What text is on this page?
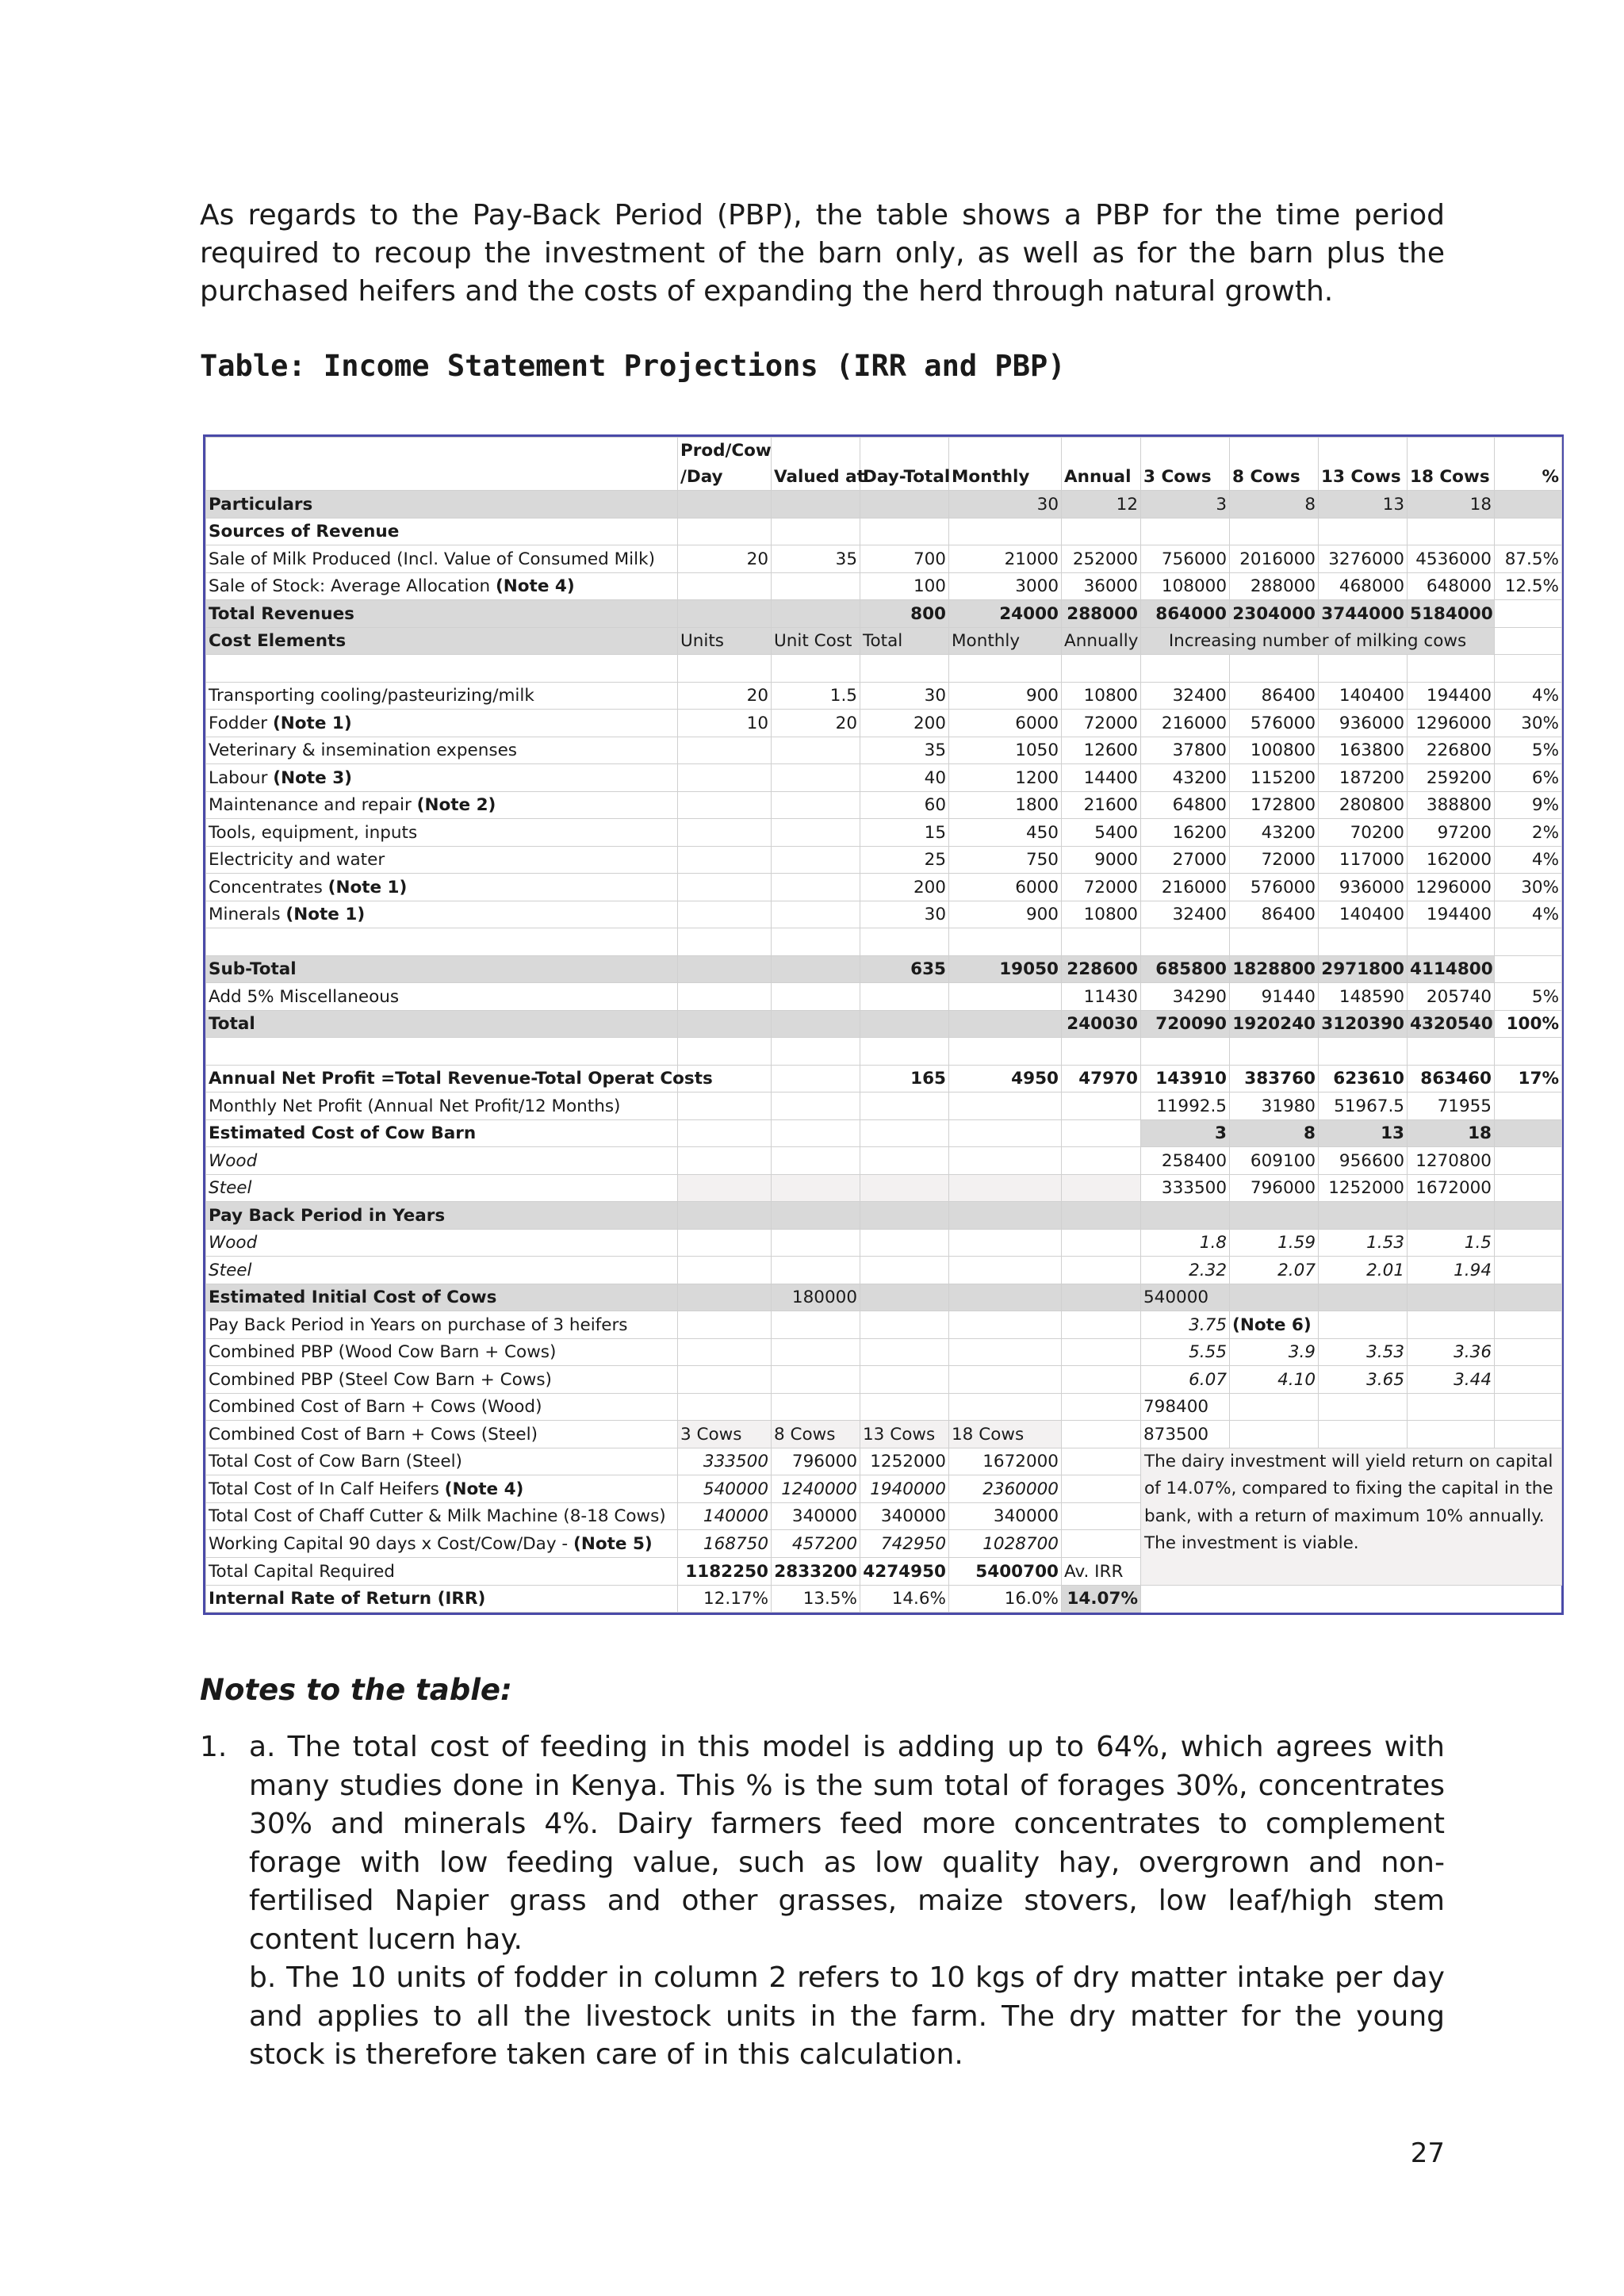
As regards to the Pay-Back Period (PBP), the table shows a PBP for the time period required to recoup the investment of the barn only, as well as for the barn plus the purchased heifers and the costs of expanding the herd through natural growth.

Table: Income Statement Projections (IRR and PBP)
	Prod/Cow									
	/Day	Valued at	Day-Total	Monthly	Annual	3 Cows	8 Cows	13 Cows	18 Cows	%
Particulars				30	12	3	8	13	18	
Sources of Revenue										
Sale of Milk Produced (Incl. Value of Consumed Milk)	20	35	700	21000	252000	756000	2016000	3276000	4536000	87.5%
Sale of Stock: Average Allocation (Note 4)			100	3000	36000	108000	288000	468000	648000	12.5%
Total Revenues			800	24000	288000	864000	2304000	3744000	5184000	
Cost Elements	Units	Unit Cost	Total	Monthly	Annually	Increasing number of milking cows				

Transporting cooling/pasteurizing/milk	20	1.5	30	900	10800	32400	86400	140400	194400	4%
Fodder (Note 1)	10	20	200	6000	72000	216000	576000	936000	1296000	30%
Veterinary & insemination expenses			35	1050	12600	37800	100800	163800	226800	5%
Labour (Note 3)			40	1200	14400	43200	115200	187200	259200	6%
Maintenance and repair (Note 2)			60	1800	21600	64800	172800	280800	388800	9%
Tools, equipment, inputs			15	450	5400	16200	43200	70200	97200	2%
Electricity and water			25	750	9000	27000	72000	117000	162000	4%
Concentrates (Note 1)			200	6000	72000	216000	576000	936000	1296000	30%
Minerals (Note 1)			30	900	10800	32400	86400	140400	194400	4%

Sub-Total			635	19050	228600	685800	1828800	2971800	4114800	
Add 5% Miscellaneous					11430	34290	91440	148590	205740	5%
Total					240030	720090	1920240	3120390	4320540	100%

Annual Net Profit =Total Revenue-Total Operat Costs			165	4950	47970	143910	383760	623610	863460	17%
Monthly Net Profit (Annual Net Profit/12 Months)						11992.5	31980	51967.5	71955	
Estimated Cost of Cow Barn						3	8	13	18	
Wood						258400	609100	956600	1270800	
Steel						333500	796000	1252000	1672000	
Pay Back Period in Years										
Wood						1.8	1.59	1.53	1.5	
Steel						2.32	2.07	2.01	1.94	
Estimated Initial Cost of Cows		180000				540000				
Pay Back Period in Years on purchase of 3 heifers						3.75	(Note 6)			
Combined PBP (Wood Cow Barn + Cows)						5.55	3.9	3.53	3.36	
Combined PBP (Steel Cow Barn + Cows)						6.07	4.10	3.65	3.44	
Combined Cost of Barn + Cows (Wood)						798400				
Combined Cost of Barn + Cows (Steel)	3 Cows	8 Cows	13 Cows	18 Cows		873500				
Total Cost of Cow Barn (Steel)	333500	796000	1252000	1672000		The dairy investment will yield return on capital
of 14.07%, compared to fixing the capital in the
bank, with a return of maximum 10% annually.
The investment is viable.				

Total Cost of In Calf Heifers (Note 4)	540000	1240000	1940000	2360000						
Total Cost of Chaff Cutter & Milk Machine (8-18 Cows)	140000	340000	340000	340000						
Working Capital 90 days x Cost/Cow/Day - (Note 5)	168750	457200	742950	1028700						
Total Capital Required	1182250	2833200	4274950	5400700	Av. IRR					
Internal Rate of Return (IRR)	12.17%	13.5%	14.6%	16.0%	14.07%					
Notes to the table:
1. a. The total cost of feeding in this model is adding up to 64%, which agrees with many studies done in Kenya. This % is the sum total of forages 30%, concentrates 30% and minerals 4%. Dairy farmers feed more concentrates to complement forage with low feeding value, such as low quality hay, overgrown and non-fertilised Napier grass and other grasses, maize stovers, low leaf/high stem content lucern hay.

b. The 10 units of fodder in column 2 refers to 10 kgs of dry matter intake per day and applies to all the livestock units in the farm. The dry matter for the young stock is therefore taken care of in this calculation.

27
